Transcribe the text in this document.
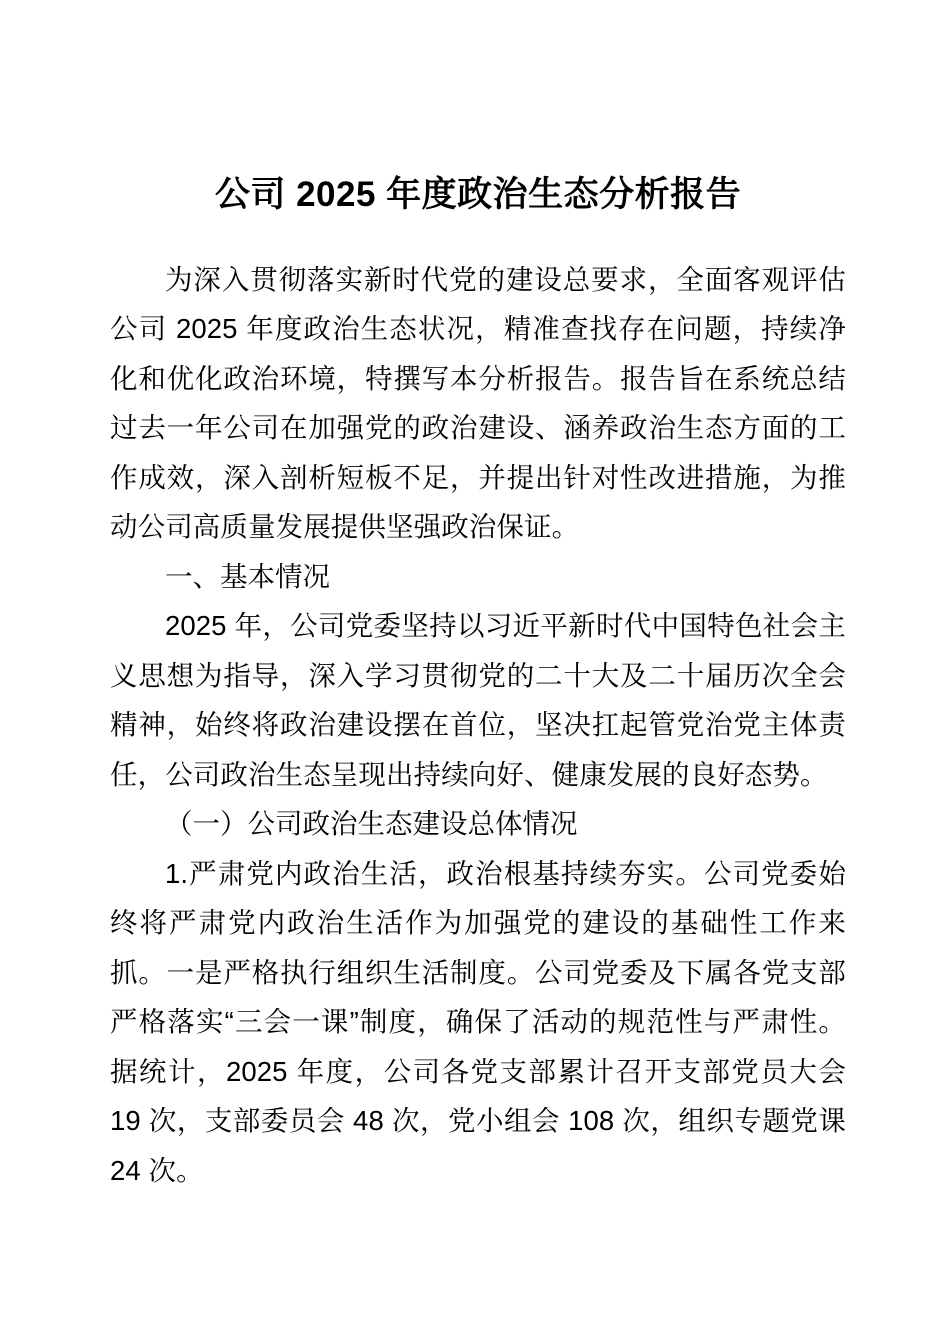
公司 2025 年度政治生态分析报告

为深入贯彻落实新时代党的建设总要求，全面客观评估公司 2025 年度政治生态状况，精准查找存在问题，持续净化和优化政治环境，特撰写本分析报告。报告旨在系统总结过去一年公司在加强党的政治建设、涵养政治生态方面的工作成效，深入剖析短板不足，并提出针对性改进措施，为推动公司高质量发展提供坚强政治保证。

一、基本情况

2025 年，公司党委坚持以习近平新时代中国特色社会主义思想为指导，深入学习贯彻党的二十大及二十届历次全会精神，始终将政治建设摆在首位，坚决扛起管党治党主体责任，公司政治生态呈现出持续向好、健康发展的良好态势。

（一）公司政治生态建设总体情况

1.严肃党内政治生活，政治根基持续夯实。公司党委始终将严肃党内政治生活作为加强党的建设的基础性工作来抓。一是严格执行组织生活制度。公司党委及下属各党支部严格落实“三会一课”制度，确保了活动的规范性与严肃性。据统计，2025 年度，公司各党支部累计召开支部党员大会 19 次，支部委员会 48 次，党小组会 108 次，组织专题党课 24 次。
